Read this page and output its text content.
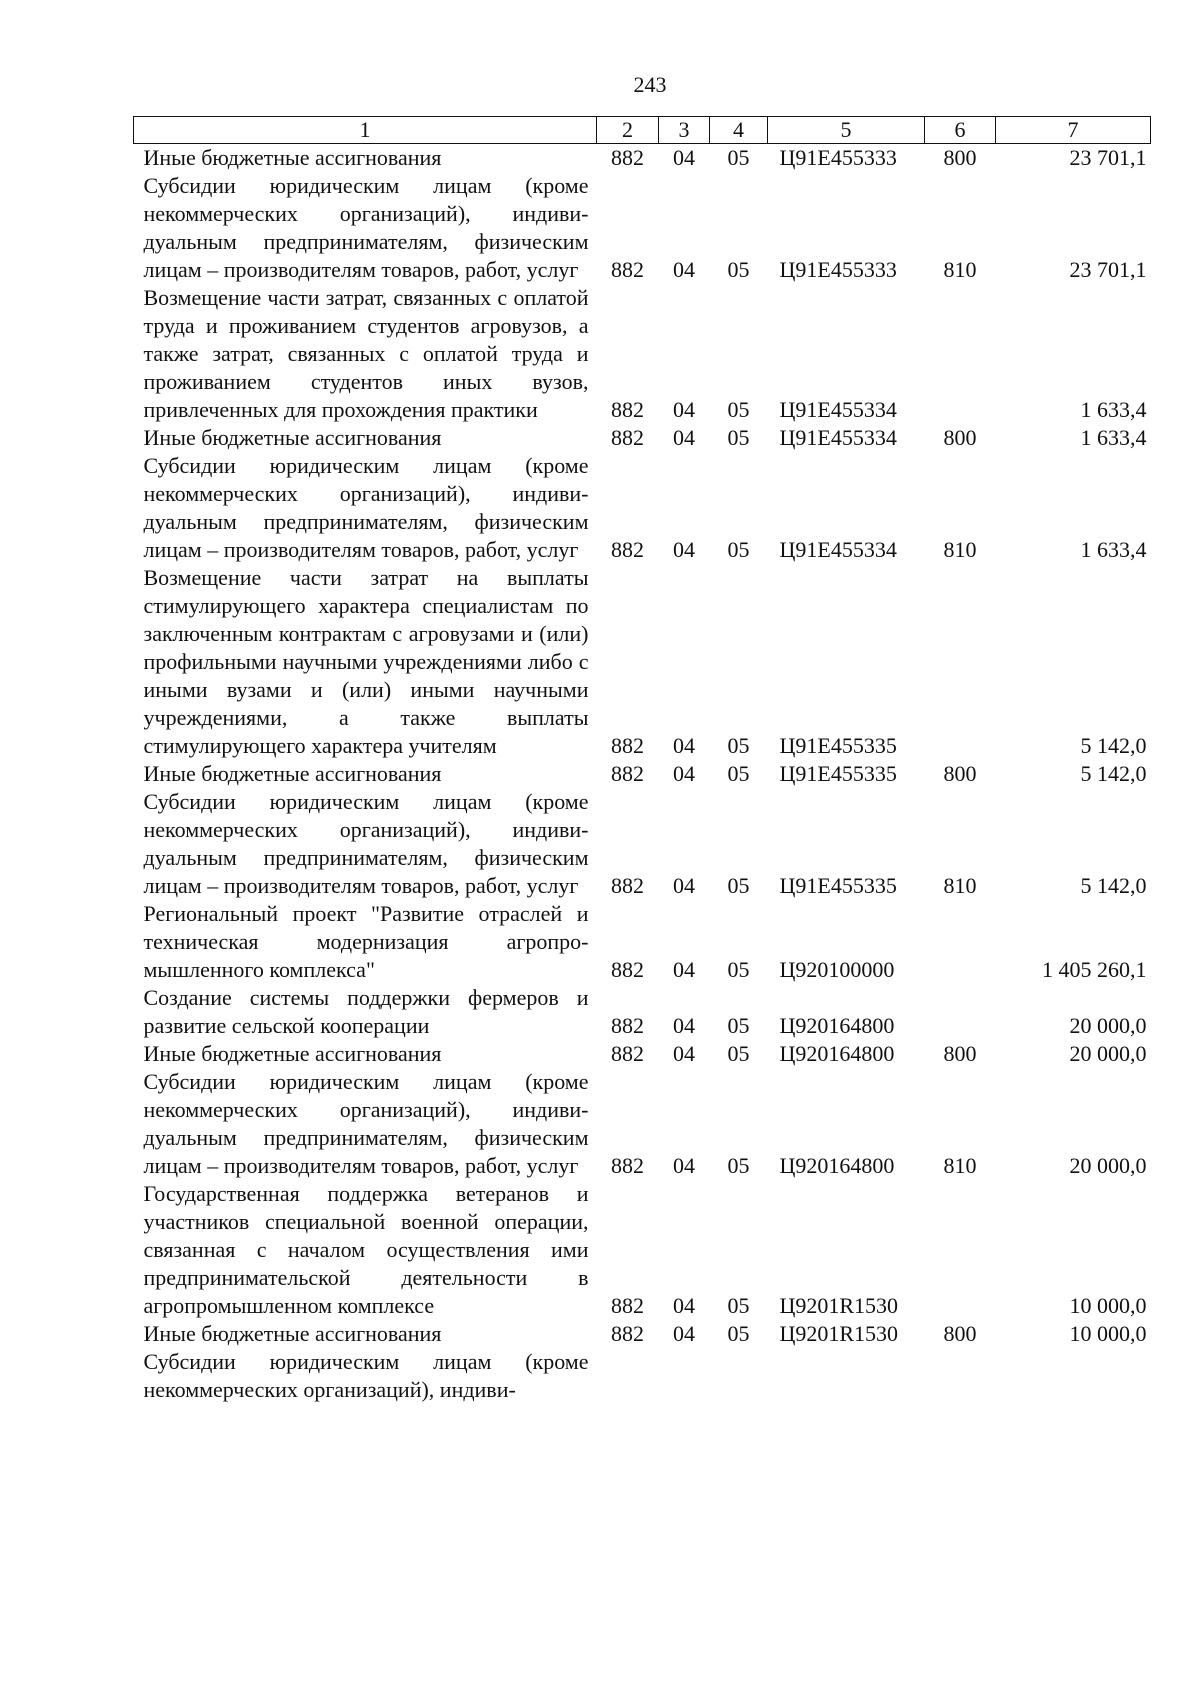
243
1	2	3	4	5	6	7
Иные бюджетные ассигнования	882	04	05	Ц91Е455333	800	23 701,1
Субсидии юридическим лицам (кроме некоммерческих организаций), индивидуальным предпринимателям, физическим лицам – производителям товаров, работ, услуг	882	04	05	Ц91Е455333	810	23 701,1
Возмещение части затрат, связанных с оплатой труда и проживанием студентов агровузов, а также затрат, связанных с оплатой труда и проживанием студентов иных вузов, привлеченных для прохождения практики	882	04	05	Ц91Е455334		1 633,4
Иные бюджетные ассигнования	882	04	05	Ц91Е455334	800	1 633,4
Субсидии юридическим лицам (кроме некоммерческих организаций), индивидуальным предпринимателям, физическим лицам – производителям товаров, работ, услуг	882	04	05	Ц91Е455334	810	1 633,4
Возмещение части затрат на выплаты стимулирующего характера специалистам по заключенным контрактам с агровузами и (или) профильными научными учреждениями либо с иными вузами и (или) иными научными учреждениями, а также выплаты стимулирующего характера учителям	882	04	05	Ц91Е455335		5 142,0
Иные бюджетные ассигнования	882	04	05	Ц91Е455335	800	5 142,0
Субсидии юридическим лицам (кроме некоммерческих организаций), индивидуальным предпринимателям, физическим лицам – производителям товаров, работ, услуг	882	04	05	Ц91Е455335	810	5 142,0
Региональный проект "Развитие отраслей и техническая модернизация агропромышленного комплекса"	882	04	05	Ц920100000		1 405 260,1
Создание системы поддержки фермеров и развитие сельской кооперации	882	04	05	Ц920164800		20 000,0
Иные бюджетные ассигнования	882	04	05	Ц920164800	800	20 000,0
Субсидии юридическим лицам (кроме некоммерческих организаций), индивидуальным предпринимателям, физическим лицам – производителям товаров, работ, услуг	882	04	05	Ц920164800	810	20 000,0
Государственная поддержка ветеранов и участников специальной военной операции, связанная с началом осуществления ими предпринимательской деятельности в агропромышленном комплексе	882	04	05	Ц9201R1530		10 000,0
Иные бюджетные ассигнования	882	04	05	Ц9201R1530	800	10 000,0
Субсидии юридическим лицам (кроме некоммерческих организаций), индиви-						
